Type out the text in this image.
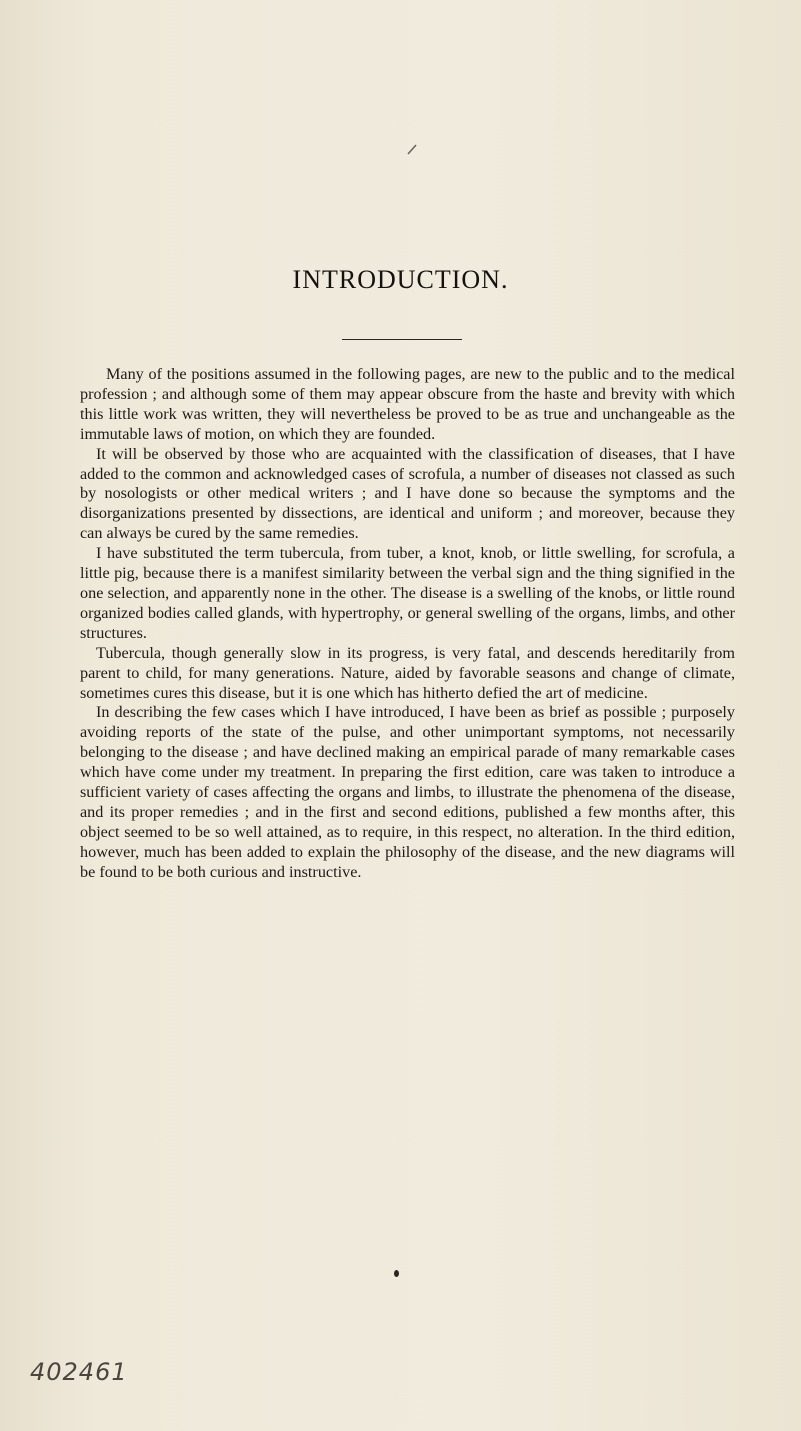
INTRODUCTION.

Many of the positions assumed in the following pages, are new to the public and to the medical profession ; and although some of them may appear obscure from the haste and brevity with which this little work was written, they will nevertheless be proved to be as true and unchangeable as the immutable laws of motion, on which they are founded.

It will be observed by those who are acquainted with the classification of diseases, that I have added to the common and acknowledged cases of scrofula, a number of diseases not classed as such by nosologists or other medical writers ; and I have done so because the symptoms and the disorganizations presented by dissections, are identical and uniform ; and moreover, because they can always be cured by the same remedies.

I have substituted the term tubercula, from tuber, a knot, knob, or little swelling, for scrofula, a little pig, because there is a manifest similarity between the verbal sign and the thing signified in the one selection, and apparently none in the other. The disease is a swelling of the knobs, or little round organized bodies called glands, with hypertrophy, or general swelling of the organs, limbs, and other structures.

Tubercula, though generally slow in its progress, is very fatal, and descends hereditarily from parent to child, for many generations. Nature, aided by favorable seasons and change of climate, sometimes cures this disease, but it is one which has hitherto defied the art of medicine.

In describing the few cases which I have introduced, I have been as brief as possible ; purposely avoiding reports of the state of the pulse, and other unimportant symptoms, not necessarily belonging to the disease ; and have declined making an empirical parade of many remarkable cases which have come under my treatment. In preparing the first edition, care was taken to introduce a sufficient variety of cases affecting the organs and limbs, to illustrate the phenomena of the disease, and its proper remedies ; and in the first and second editions, published a few months after, this object seemed to be so well attained, as to require, in this respect, no alteration. In the third edition, however, much has been added to explain the philosophy of the disease, and the new diagrams will be found to be both curious and instructive.

402461
